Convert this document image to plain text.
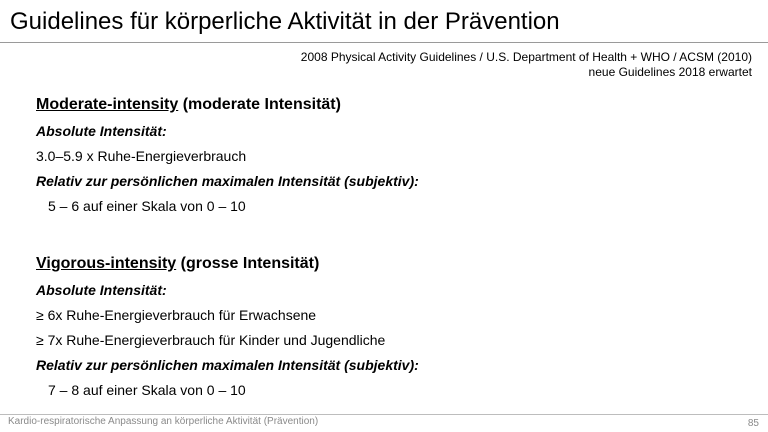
Guidelines für körperliche Aktivität in der Prävention
2008 Physical Activity Guidelines / U.S. Department of Health + WHO / ACSM (2010)
neue Guidelines 2018 erwartet
Moderate-intensity (moderate Intensität)
Absolute Intensität:
3.0–5.9 x Ruhe-Energieverbrauch
Relativ zur persönlichen maximalen Intensität (subjektiv):
5 – 6 auf einer Skala von 0 – 10
Vigorous-intensity (grosse Intensität)
Absolute Intensität:
≥ 6x Ruhe-Energieverbrauch für Erwachsene
≥ 7x Ruhe-Energieverbrauch für Kinder und Jugendliche
Relativ zur persönlichen maximalen Intensität (subjektiv):
7 – 8 auf einer Skala von 0 – 10
Kardio-respiratorische Anpassung an körperliche Aktivität (Prävention)	85
